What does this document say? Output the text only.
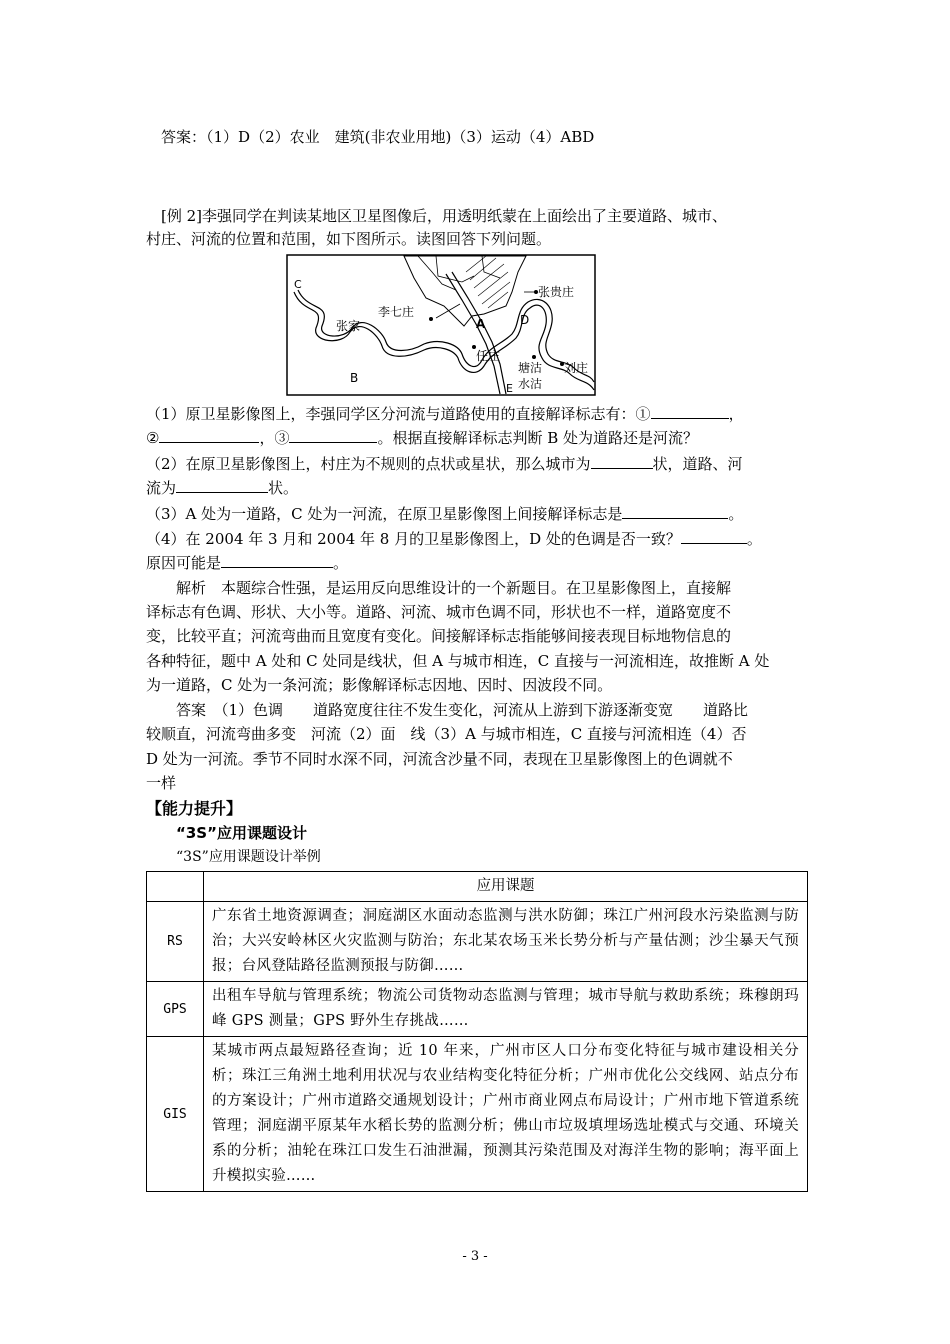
答案：（1）D（2）农业　建筑(非农业用地)（3）运动（4）ABD
[例 2]李强同学在判读某地区卫星图像后，用透明纸蒙在上面绘出了主要道路、城市、
村庄、河流的位置和范围，如下图所示。读图回答下列问题。
C
张贵庄
李七庄
张家	A	D
任庄
B
塘沽
水沽
刘庄
E
（1）原卫星影像图上，李强同学区分河流与道路使用的直接解译标志有：①	，
②	，③	。根据直接解译标志判断 B 处为道路还是河流？
（2）在原卫星影像图上，村庄为不规则的点状或星状，那么城市为	状，道路、河
流为	状。
（3）A 处为一道路，C 处为一河流，在原卫星影像图上间接解译标志是	。
（4）在 2004 年 3 月和 2004 年 8 月的卫星影像图上，D 处的色调是否一致？	。
原因可能是	。
解析　本题综合性强，是运用反向思维设计的一个新题目。在卫星影像图上，直接解
译标志有色调、形状、大小等。道路、河流、城市色调不同，形状也不一样，道路宽度不
变，比较平直；河流弯曲而且宽度有变化。间接解译标志指能够间接表现目标地物信息的
各种特征，题中 A 处和 C 处同是线状，但 A 与城市相连，C 直接与一河流相连，故推断 A 处
为一道路，C 处为一条河流；影像解译标志因地、因时、因波段不同。
答案　（1）色调　　道路宽度往往不发生变化，河流从上游到下游逐渐变宽　　道路比
较顺直，河流弯曲多变　河流（2）面　线（3）A 与城市相连，C 直接与河流相连（4）否
D 处为一河流。季节不同时水深不同，河流含沙量不同，表现在卫星影像图上的色调就不
一样
【能力提升】
“3S”应用课题设计
“3S”应用课题设计举例
	应用课题
RS	广东省土地资源调查；洞庭湖区水面动态监测与洪水防御；珠江广州河段水污染监测与防治；大兴安岭林区火灾监测与防治；东北某农场玉米长势分析与产量估测；沙尘暴天气预报；台风登陆路径监测预报与防御……
GPS	出租车导航与管理系统；物流公司货物动态监测与管理；城市导航与救助系统；珠穆朗玛峰 GPS 测量；GPS 野外生存挑战……
GIS	某城市两点最短路径查询；近 10 年来，广州市区人口分布变化特征与城市建设相关分析；珠江三角洲土地利用状况与农业结构变化特征分析；广州市优化公交线网、站点分布的方案设计；广州市道路交通规划设计；广州市商业网点布局设计；广州市地下管道系统管理；洞庭湖平原某年水稻长势的监测分析；佛山市垃圾填埋场选址模式与交通、环境关系的分析；油轮在珠江口发生石油泄漏，预测其污染范围及对海洋生物的影响；海平面上升模拟实验……
- 3 -
